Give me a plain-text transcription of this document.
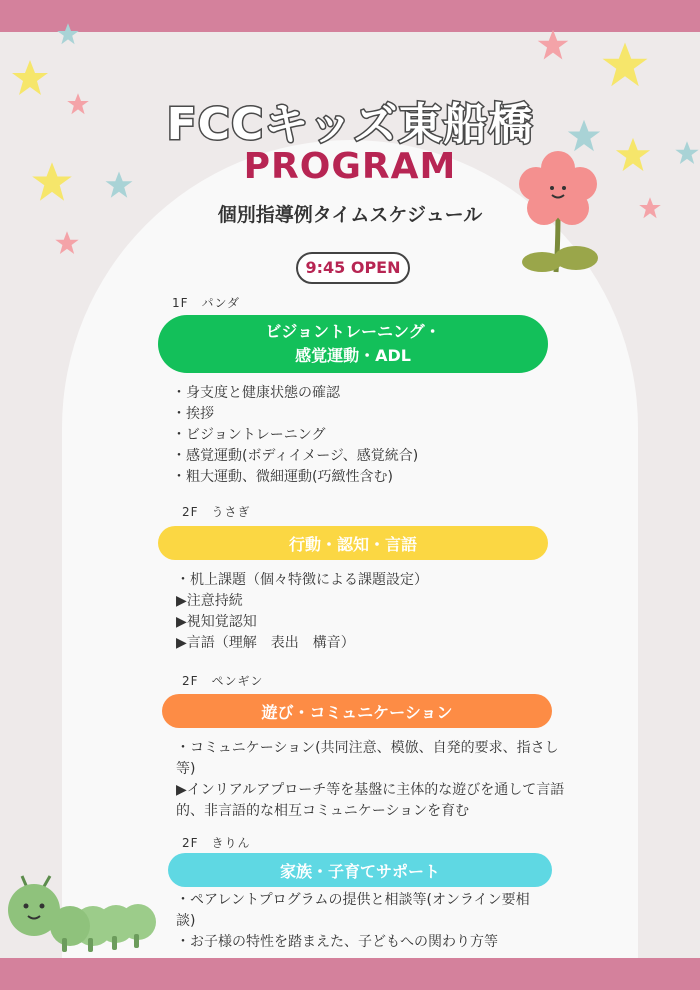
FCCキッズ東船橋
PROGRAM
個別指導例タイムスケジュール
9:45 OPEN
1F　パンダ
ビジョントレーニング・
感覚運動・ADL
・身支度と健康状態の確認
・挨拶
・ビジョントレーニング
・感覚運動(ボディイメージ、感覚統合)
・粗大運動、微細運動(巧緻性含む)
2F　うさぎ
行動・認知・言語
・机上課題（個々特徴による課題設定）
▶注意持続
▶視知覚認知
▶言語（理解　表出　構音）
2F　ペンギン
遊び・コミュニケーション
・コミュニケーション(共同注意、模倣、自発的要求、指さし等)
▶インリアルアプローチ等を基盤に主体的な遊びを通して言語的、非言語的な相互コミュニケーションを育む
2F　きりん
家族・子育てサポート
・ペアレントプログラムの提供と相談等(オンライン要相談)
・お子様の特性を踏まえた、子どもへの関わり方等
